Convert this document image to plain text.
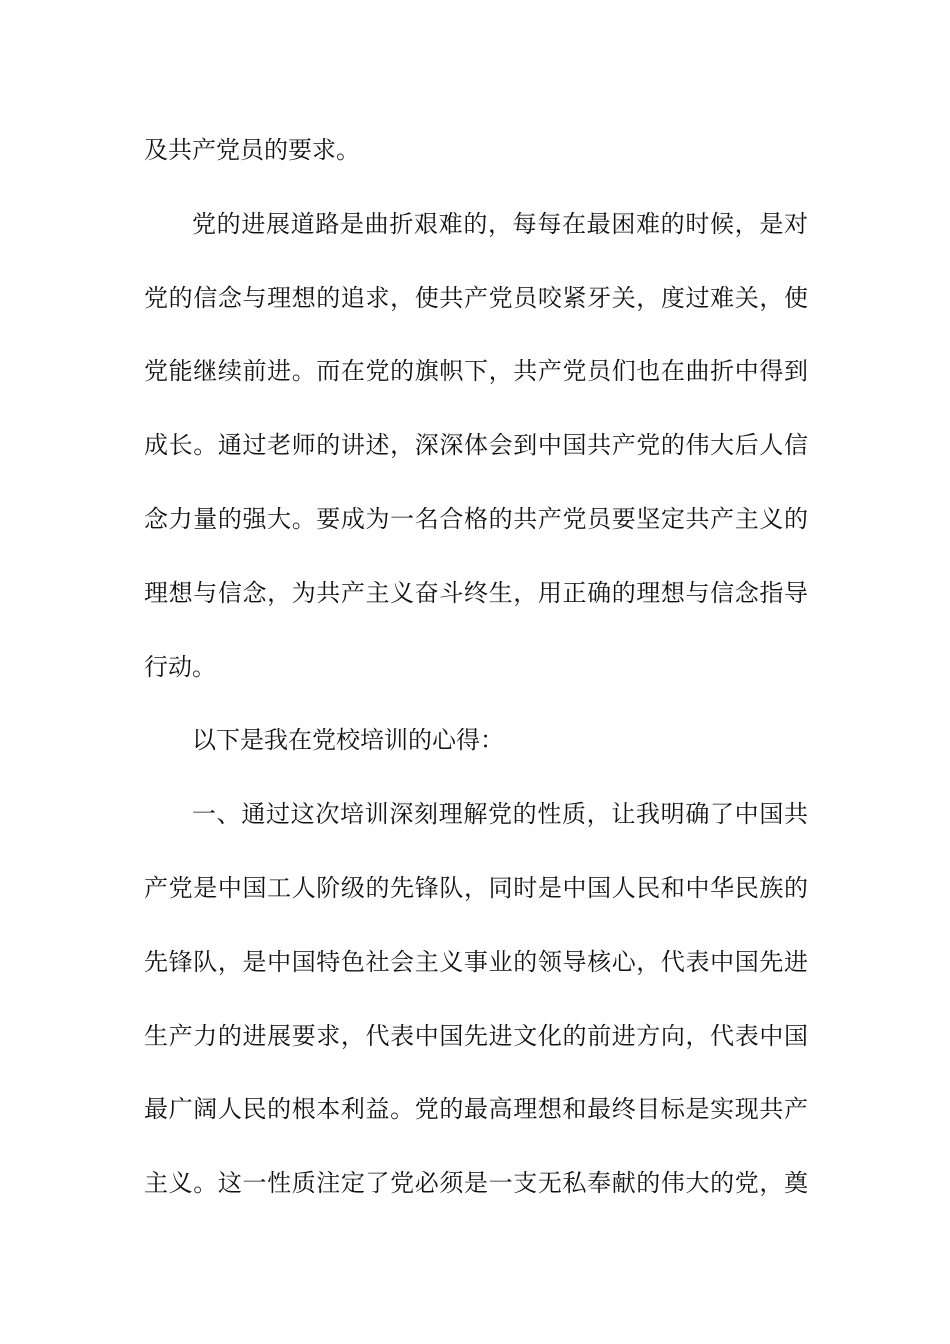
及共产党员的要求。
党的进展道路是曲折艰难的，每每在最困难的时候，是对
党的信念与理想的追求，使共产党员咬紧牙关，度过难关，使
党能继续前进。而在党的旗帜下，共产党员们也在曲折中得到
成长。通过老师的讲述，深深体会到中国共产党的伟大后人信
念力量的强大。要成为一名合格的共产党员要坚定共产主义的
理想与信念，为共产主义奋斗终生，用正确的理想与信念指导
行动。
以下是我在党校培训的心得：
一、通过这次培训深刻理解党的性质，让我明确了中国共
产党是中国工人阶级的先锋队，同时是中国人民和中华民族的
先锋队，是中国特色社会主义事业的领导核心，代表中国先进
生产力的进展要求，代表中国先进文化的前进方向，代表中国
最广阔人民的根本利益。党的最高理想和最终目标是实现共产
主义。这一性质注定了党必须是一支无私奉献的伟大的党，奠
